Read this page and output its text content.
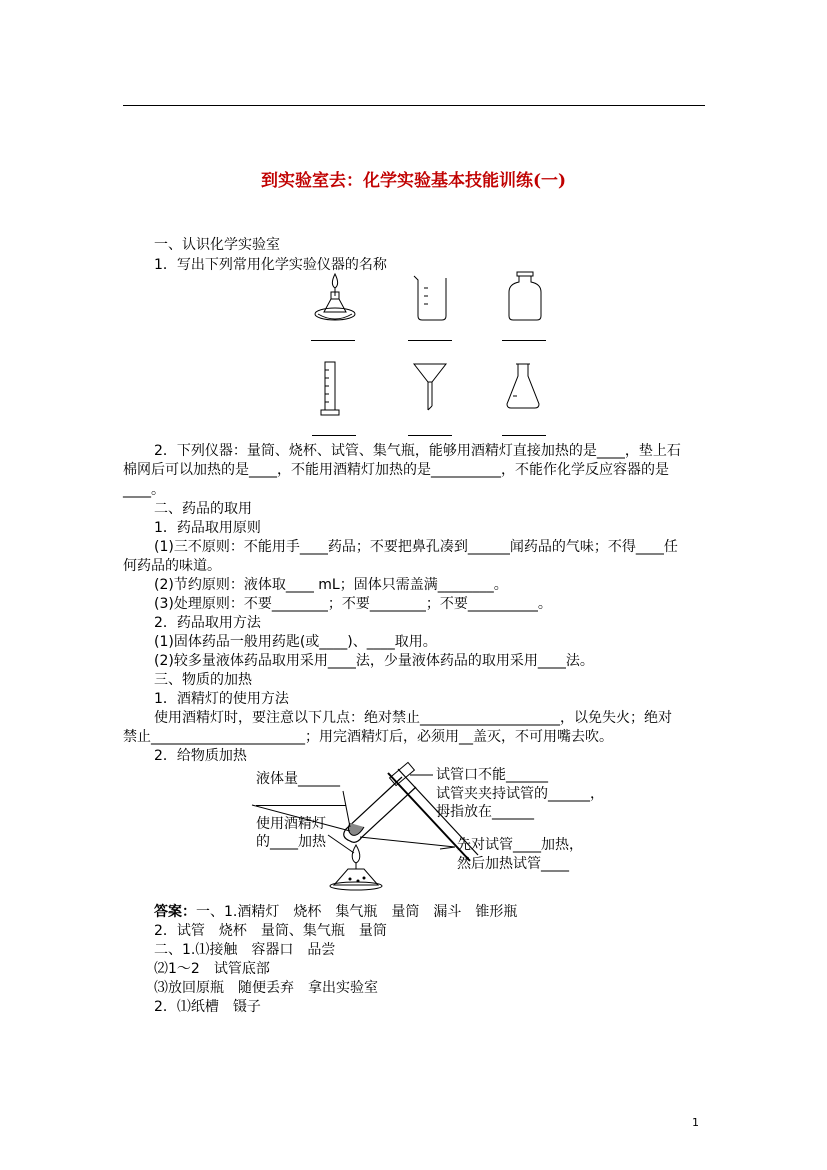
到实验室去：化学实验基本技能训练(一)
一、认识化学实验室
1．写出下列常用化学实验仪器的名称
2．下列仪器：量筒、烧杯、试管、集气瓶，能够用酒精灯直接加热的是____，垫上石
棉网后可以加热的是____，不能用酒精灯加热的是__________，不能作化学反应容器的是
____。
二、药品的取用
1．药品取用原则
(1)三不原则：不能用手____药品；不要把鼻孔凑到______闻药品的气味；不得____任
何药品的味道。
(2)节约原则：液体取____ mL；固体只需盖满________。
(3)处理原则：不要________；不要________；不要__________。
2．药品取用方法
(1)固体药品一般用药匙(或____)、____取用。
(2)较多量液体药品取用采用____法，少量液体药品的取用采用____法。
三、物质的加热
1．酒精灯的使用方法
使用酒精灯时，要注意以下几点：绝对禁止____________________，以免失火；绝对
禁止______________________；用完酒精灯后，必须用__盖灭，不可用嘴去吹。
2．给物质加热
液体量______
使用酒精灯
的____加热
试管口不能______
试管夹夹持试管的______，
拇指放在______
先对试管____加热，
然后加热试管____
答案：一、1.酒精灯　烧杯　集气瓶　量筒　漏斗　锥形瓶
2．试管　烧杯　量筒、集气瓶　量筒
二、1.⑴接触　容器口　品尝
⑵1～2　试管底部
⑶放回原瓶　随便丢弃　拿出实验室
2．⑴纸槽　镊子
1
